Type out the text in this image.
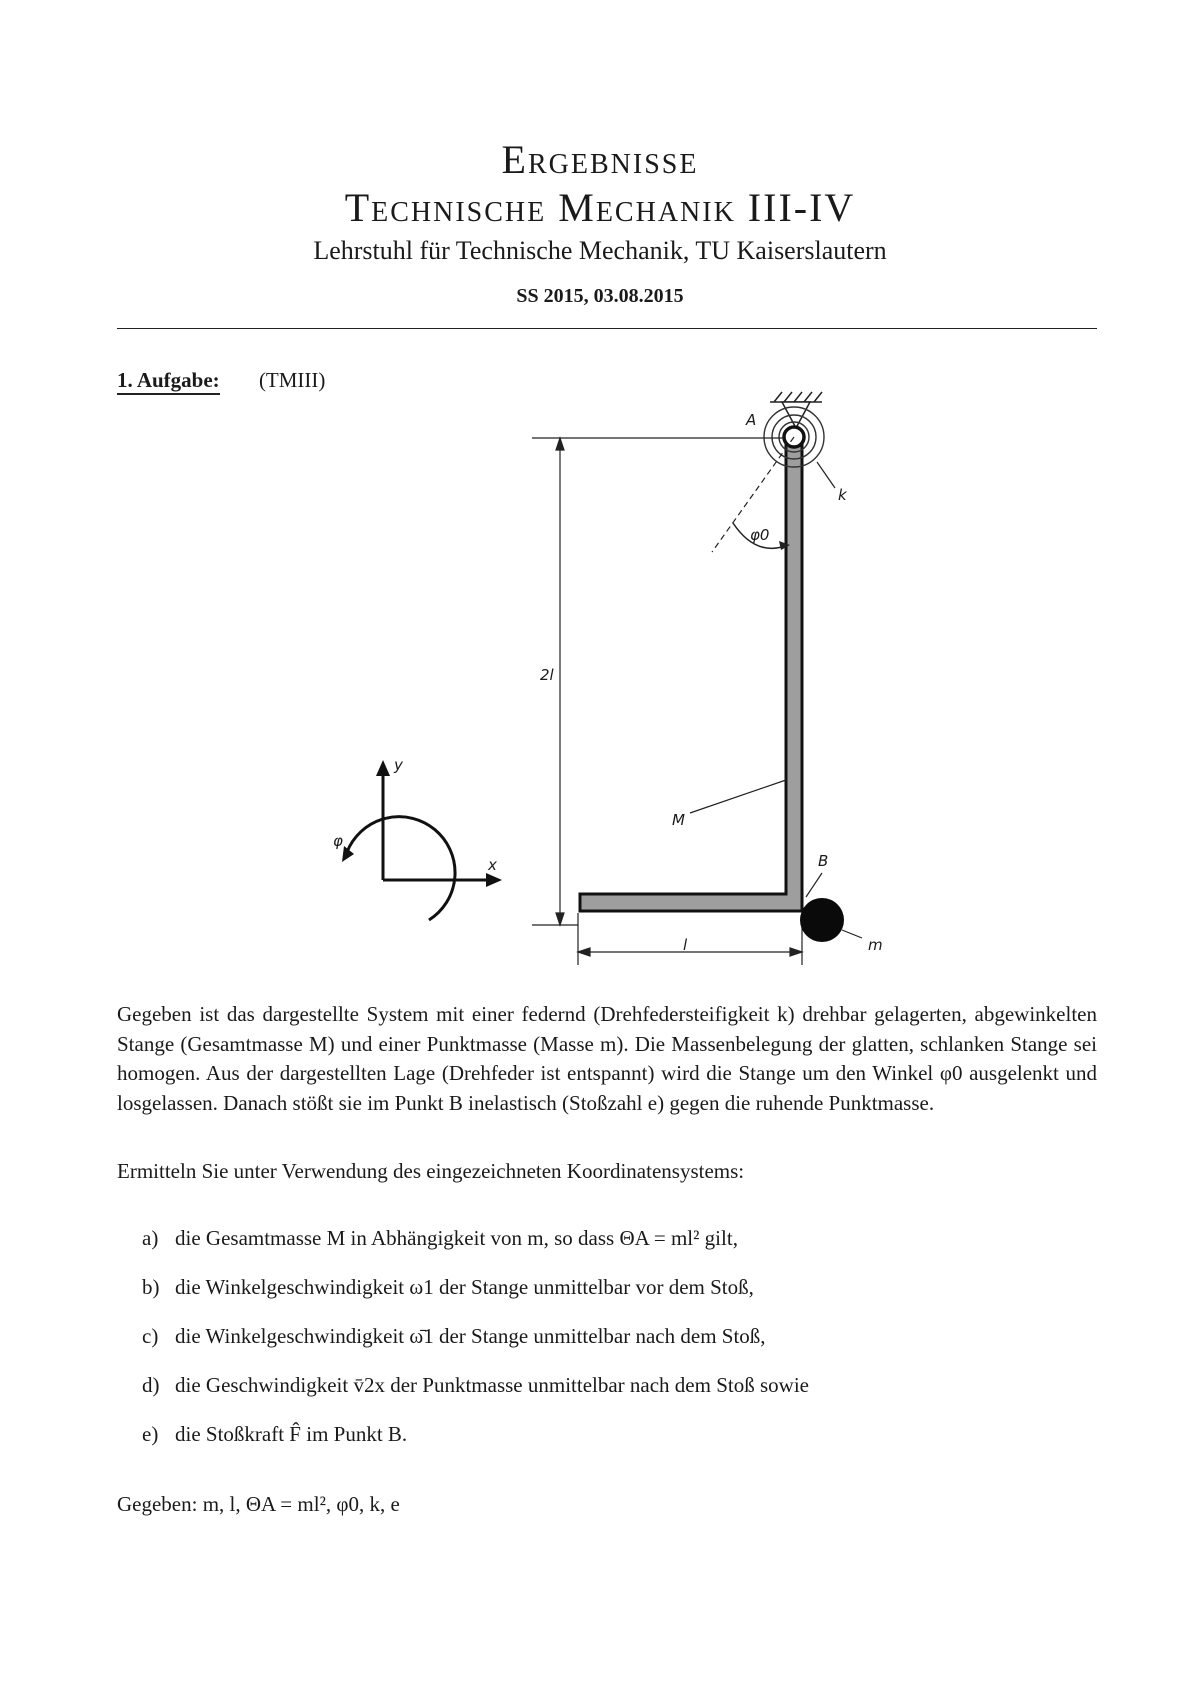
Ergebnisse
Technische Mechanik III-IV
Lehrstuhl für Technische Mechanik, TU Kaiserslautern
SS 2015, 03.08.2015
1. Aufgabe: (TMIII)
A
k
φ0
2l
M
B
m
l
y
x
φ
Gegeben ist das dargestellte System mit einer federnd (Drehfedersteifigkeit k) drehbar gelagerten, abgewinkelten Stange (Gesamtmasse M) und einer Punktmasse (Masse m). Die Massenbelegung der glatten, schlanken Stange sei homogen. Aus der dargestellten Lage (Drehfeder ist entspannt) wird die Stange um den Winkel φ0 ausgelenkt und losgelassen. Danach stößt sie im Punkt B inelastisch (Stoßzahl e) gegen die ruhende Punktmasse.
Ermitteln Sie unter Verwendung des eingezeichneten Koordinatensystems:
a) die Gesamtmasse M in Abhängigkeit von m, so dass ΘA = ml² gilt,
b) die Winkelgeschwindigkeit ω1 der Stange unmittelbar vor dem Stoß,
c) die Winkelgeschwindigkeit ω̄1 der Stange unmittelbar nach dem Stoß,
d) die Geschwindigkeit v̄2x der Punktmasse unmittelbar nach dem Stoß sowie
e) die Stoßkraft F̂ im Punkt B.
Gegeben: m, l, ΘA = ml², φ0, k, e
